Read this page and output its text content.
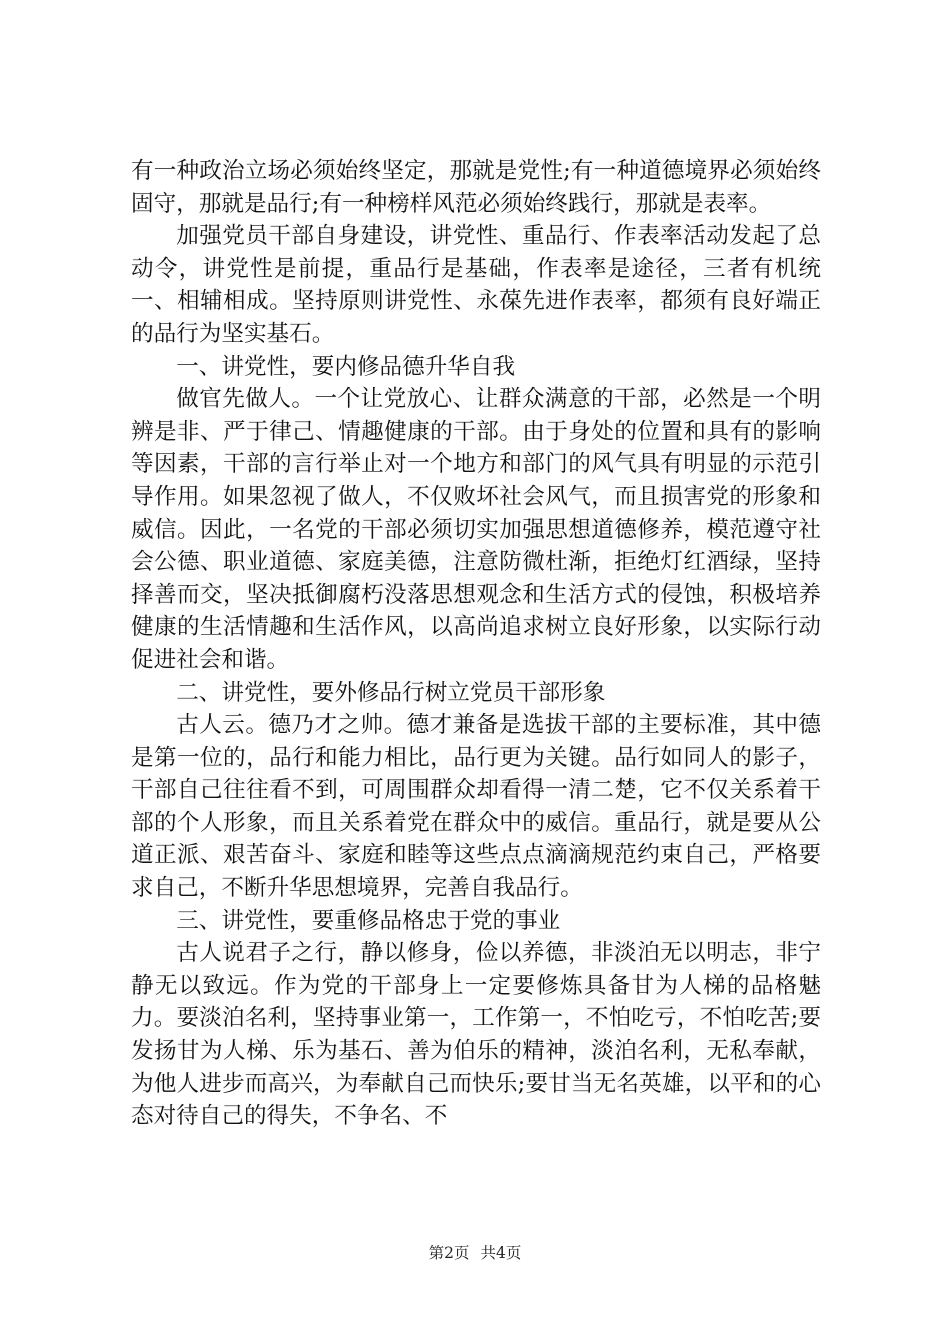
有一种政治立场必须始终坚定，那就是党性;有一种道德境界必须始终固守，那就是品行;有一种榜样风范必须始终践行，那就是表率。

加强党员干部自身建设，讲党性、重品行、作表率活动发起了总动令，讲党性是前提，重品行是基础，作表率是途径，三者有机统一、相辅相成。坚持原则讲党性、永葆先进作表率，都须有良好端正的品行为坚实基石。

一、讲党性，要内修品德升华自我

做官先做人。一个让党放心、让群众满意的干部，必然是一个明辨是非、严于律己、情趣健康的干部。由于身处的位置和具有的影响等因素，干部的言行举止对一个地方和部门的风气具有明显的示范引导作用。如果忽视了做人，不仅败坏社会风气，而且损害党的形象和威信。因此，一名党的干部必须切实加强思想道德修养，模范遵守社会公德、职业道德、家庭美德，注意防微杜渐，拒绝灯红酒绿，坚持择善而交，坚决抵御腐朽没落思想观念和生活方式的侵蚀，积极培养健康的生活情趣和生活作风，以高尚追求树立良好形象，以实际行动促进社会和谐。

二、讲党性，要外修品行树立党员干部形象

古人云。德乃才之帅。德才兼备是选拔干部的主要标准，其中德是第一位的，品行和能力相比，品行更为关键。品行如同人的影子，干部自己往往看不到，可周围群众却看得一清二楚，它不仅关系着干部的个人形象，而且关系着党在群众中的威信。重品行，就是要从公道正派、艰苦奋斗、家庭和睦等这些点点滴滴规范约束自己，严格要求自己，不断升华思想境界，完善自我品行。

三、讲党性，要重修品格忠于党的事业

古人说君子之行，静以修身，俭以养德，非淡泊无以明志，非宁静无以致远。作为党的干部身上一定要修炼具备甘为人梯的品格魅力。要淡泊名利，坚持事业第一，工作第一，不怕吃亏，不怕吃苦;要发扬甘为人梯、乐为基石、善为伯乐的精神，淡泊名利，无私奉献，为他人进步而高兴，为奉献自己而快乐;要甘当无名英雄，以平和的心态对待自己的得失，不争名、不

第2页 共4页
